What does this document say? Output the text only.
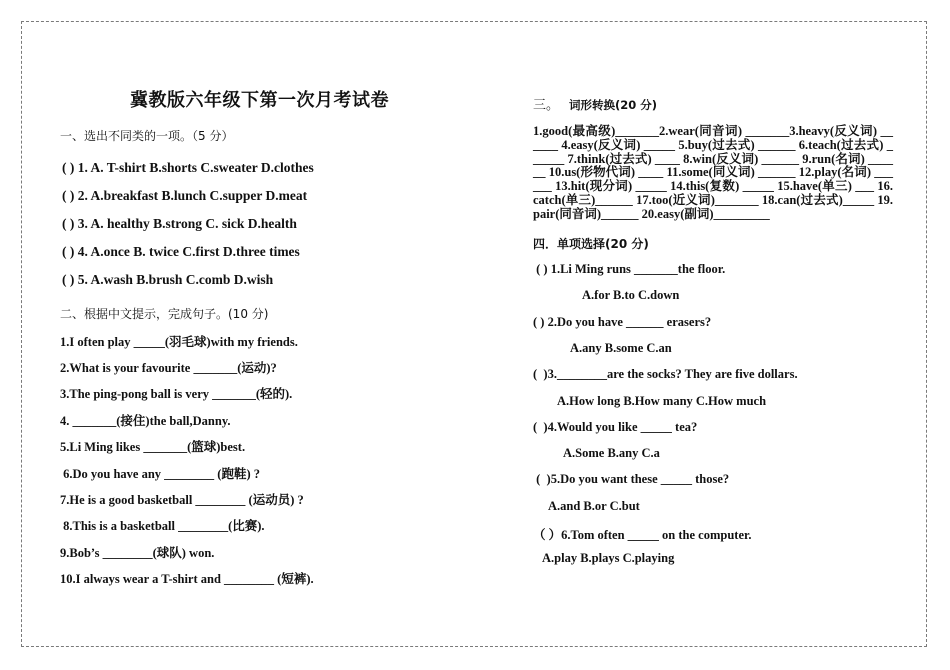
冀教版六年级下第一次月考试卷
一、选出不同类的一项。（5 分）
( ) 1. A. T-shirt B.shorts C.sweater D.clothes
( ) 2. A.breakfast B.lunch C.supper D.meat
( ) 3. A. healthy B.strong C. sick D.health
( ) 4. A.once B. twice C.first D.three times
( ) 5. A.wash B.brush C.comb D.wish
二、根据中文提示，完成句子。(10 分)
1.I often play _____(羽毛球)with my friends.
2.What is your favourite _______(运动)?
3.The ping-pong ball is very _______(轻的).
4. _______(接住)the ball,Danny.
5.Li Ming likes _______(篮球)best.
6.Do you have any ________ (跑鞋) ?
7.He is a good basketball ________ (运动员) ?
8.This is a basketball ________(比赛).
9.Bob’s ________(球队) won.
10.I always wear a T-shirt and ________ (短裤).
三。 词形转换(20 分)
1.good(最高级)_______2.wear(同音词) _______3.heavy(反义词) ______ 4.easy(反义词) _____ 5.buy(过去式) ______ 6.teach(过去式) ______ 7.think(过去式) ____ 8.win(反义词) ______ 9.run(名词) ______ 10.us(形物代词) ____ 11.some(同义词) ______ 12.play(名词) ______ 13.hit(现分词) _____ 14.this(复数) _____ 15.have(单三) ___ 16.catch(单三)______ 17.too(近义词)_______ 18.can(过去式)_____ 19.pair(同音词)______ 20.easy(副词)_________
四．单项选择(20 分)
( ) 1.Li Ming runs _______the floor.
A.for B.to C.down
( ) 2.Do you have ______ erasers?
A.any B.some C.an
(  )3.________are the socks? They are five dollars.
A.How long B.How many C.How much
(  )4.Would you like _____ tea?
A.Some B.any C.a
(  )5.Do you want these _____ those?
A.and B.or C.but
（ ）6.Tom often _____ on the computer.
A.play B.plays C.playing
